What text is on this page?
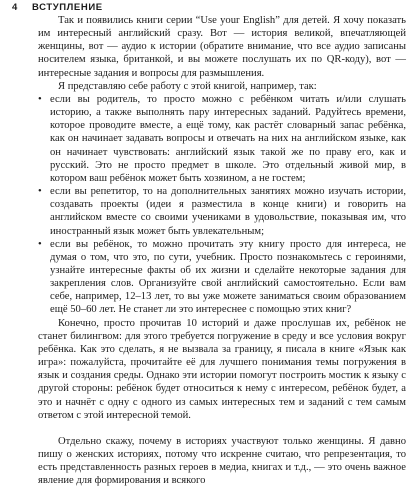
4	ВСТУПЛЕНИЕ

Так и появились книги серии “Use your English” для детей. Я хочу показать им интересный английский сразу. Вот — история великой, впечатляющей женщины, вот — аудио к истории (обратите внимание, что все аудио записаны носителем языка, британкой, и вы можете послушать их по QR-коду), вот — интересные задания и вопросы для размышления.

Я представляю себе работу с этой книгой, например, так:

• если вы родитель, то просто можно с ребёнком читать и/или слушать историю, а также выполнять пару интересных заданий. Радуйтесь времени, которое проводите вместе, а ещё тому, как растёт словарный запас ребёнка, как он начинает задавать вопросы и отвечать на них на английском языке, как он начинает чувствовать: английский язык такой же по праву его, как и русский. Это не просто предмет в школе. Это отдельный живой мир, в котором ваш ребёнок может быть хозяином, а не гостем;
• если вы репетитор, то на дополнительных занятиях можно изучать истории, создавать проекты (идеи я разместила в конце книги) и говорить на английском вместе со своими учениками в удовольствие, показывая им, что иностранный язык может быть увлекательным;
• если вы ребёнок, то можно прочитать эту книгу просто для интереса, не думая о том, что это, по сути, учебник. Просто познакомьтесь с героинями, узнайте интересные факты об их жизни и сделайте некоторые задания для закрепления слов. Организуйте свой английский самостоятельно. Если вам себе, например, 12–13 лет, то вы уже можете заниматься своим образованием ещё 50–60 лет. Не станет ли это интереснее с помощью этих книг?

Конечно, просто прочитав 10 историй и даже прослушав их, ребёнок не станет билингвом: для этого требуется погружение в среду и все условия вокруг ребёнка. Как это сделать, я не вызвала за границу, я писала в книге «Язык как игра»: пожалуйста, прочитайте её для лучшего понимания темы погружения в язык и создания среды. Однако эти истории помогут построить мостик к языку с другой стороны: ребёнок будет относиться к нему с интересом, ребёнок будет, а это и начнёт с одну с одного из самых интересных тем и заданий с тем самым ответом с этой интересной темой.

Отдельно скажу, почему в историях участвуют только женщины. Я давно пишу о женских историях, потому что искренне считаю, что репрезентация, то есть представленность разных героев в медиа, книгах и т.д., — это очень важное явление для формирования и всякого
